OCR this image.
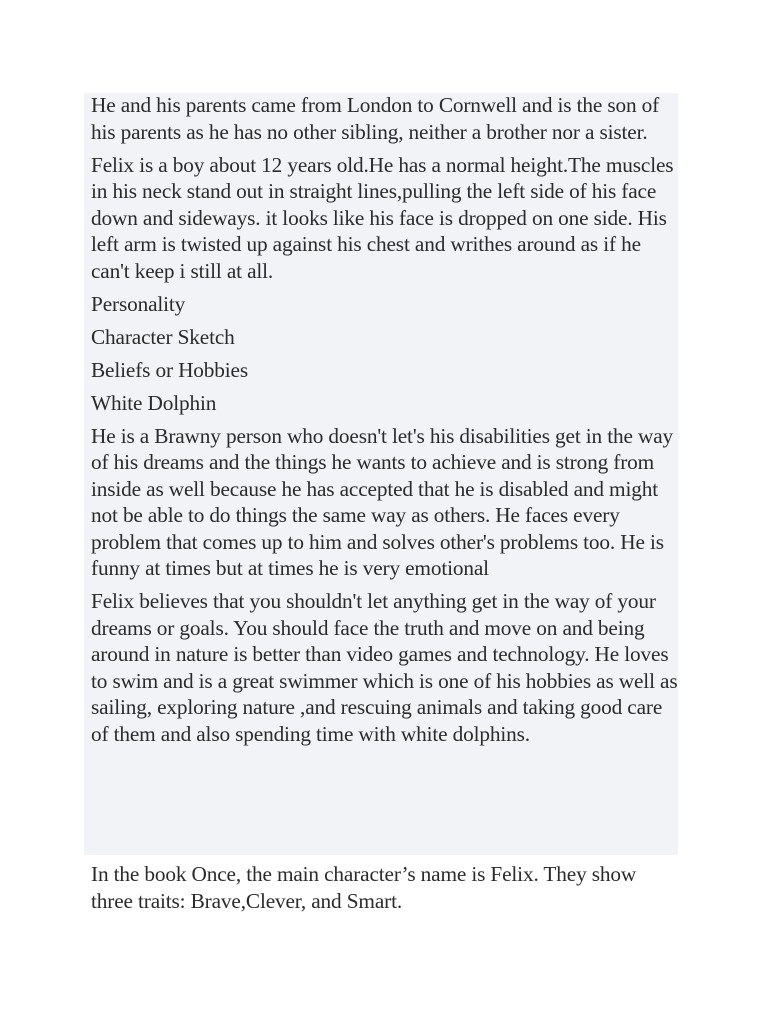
He and his parents came from London to Cornwell and is the son of his parents as he has no other sibling, neither a brother nor a sister.

Felix is a boy about 12 years old.He has a normal height.The muscles in his neck stand out in straight lines,pulling the left side of his face down and sideways. it looks like his face is dropped on one side. His left arm is twisted up against his chest and writhes around as if he can't keep i still at all.

Personality

Character Sketch

Beliefs or Hobbies

White Dolphin

He is a Brawny person who doesn't let's his disabilities get in the way of his dreams and the things he wants to achieve and is strong from inside as well because he has accepted that he is disabled and might not be able to do things the same way as others. He faces every problem that comes up to him and solves other's problems too. He is funny at times but at times he is very emotional

Felix believes that you shouldn't let anything get in the way of your dreams or goals. You should face the truth and move on and being around in nature is better than video games and technology. He loves to swim and is a great swimmer which is one of his hobbies as well as sailing, exploring nature ,and rescuing animals and taking good care of them and also spending time with white dolphins.

In the book Once, the main character’s name is Felix. They show three traits: Brave,Clever, and Smart.
